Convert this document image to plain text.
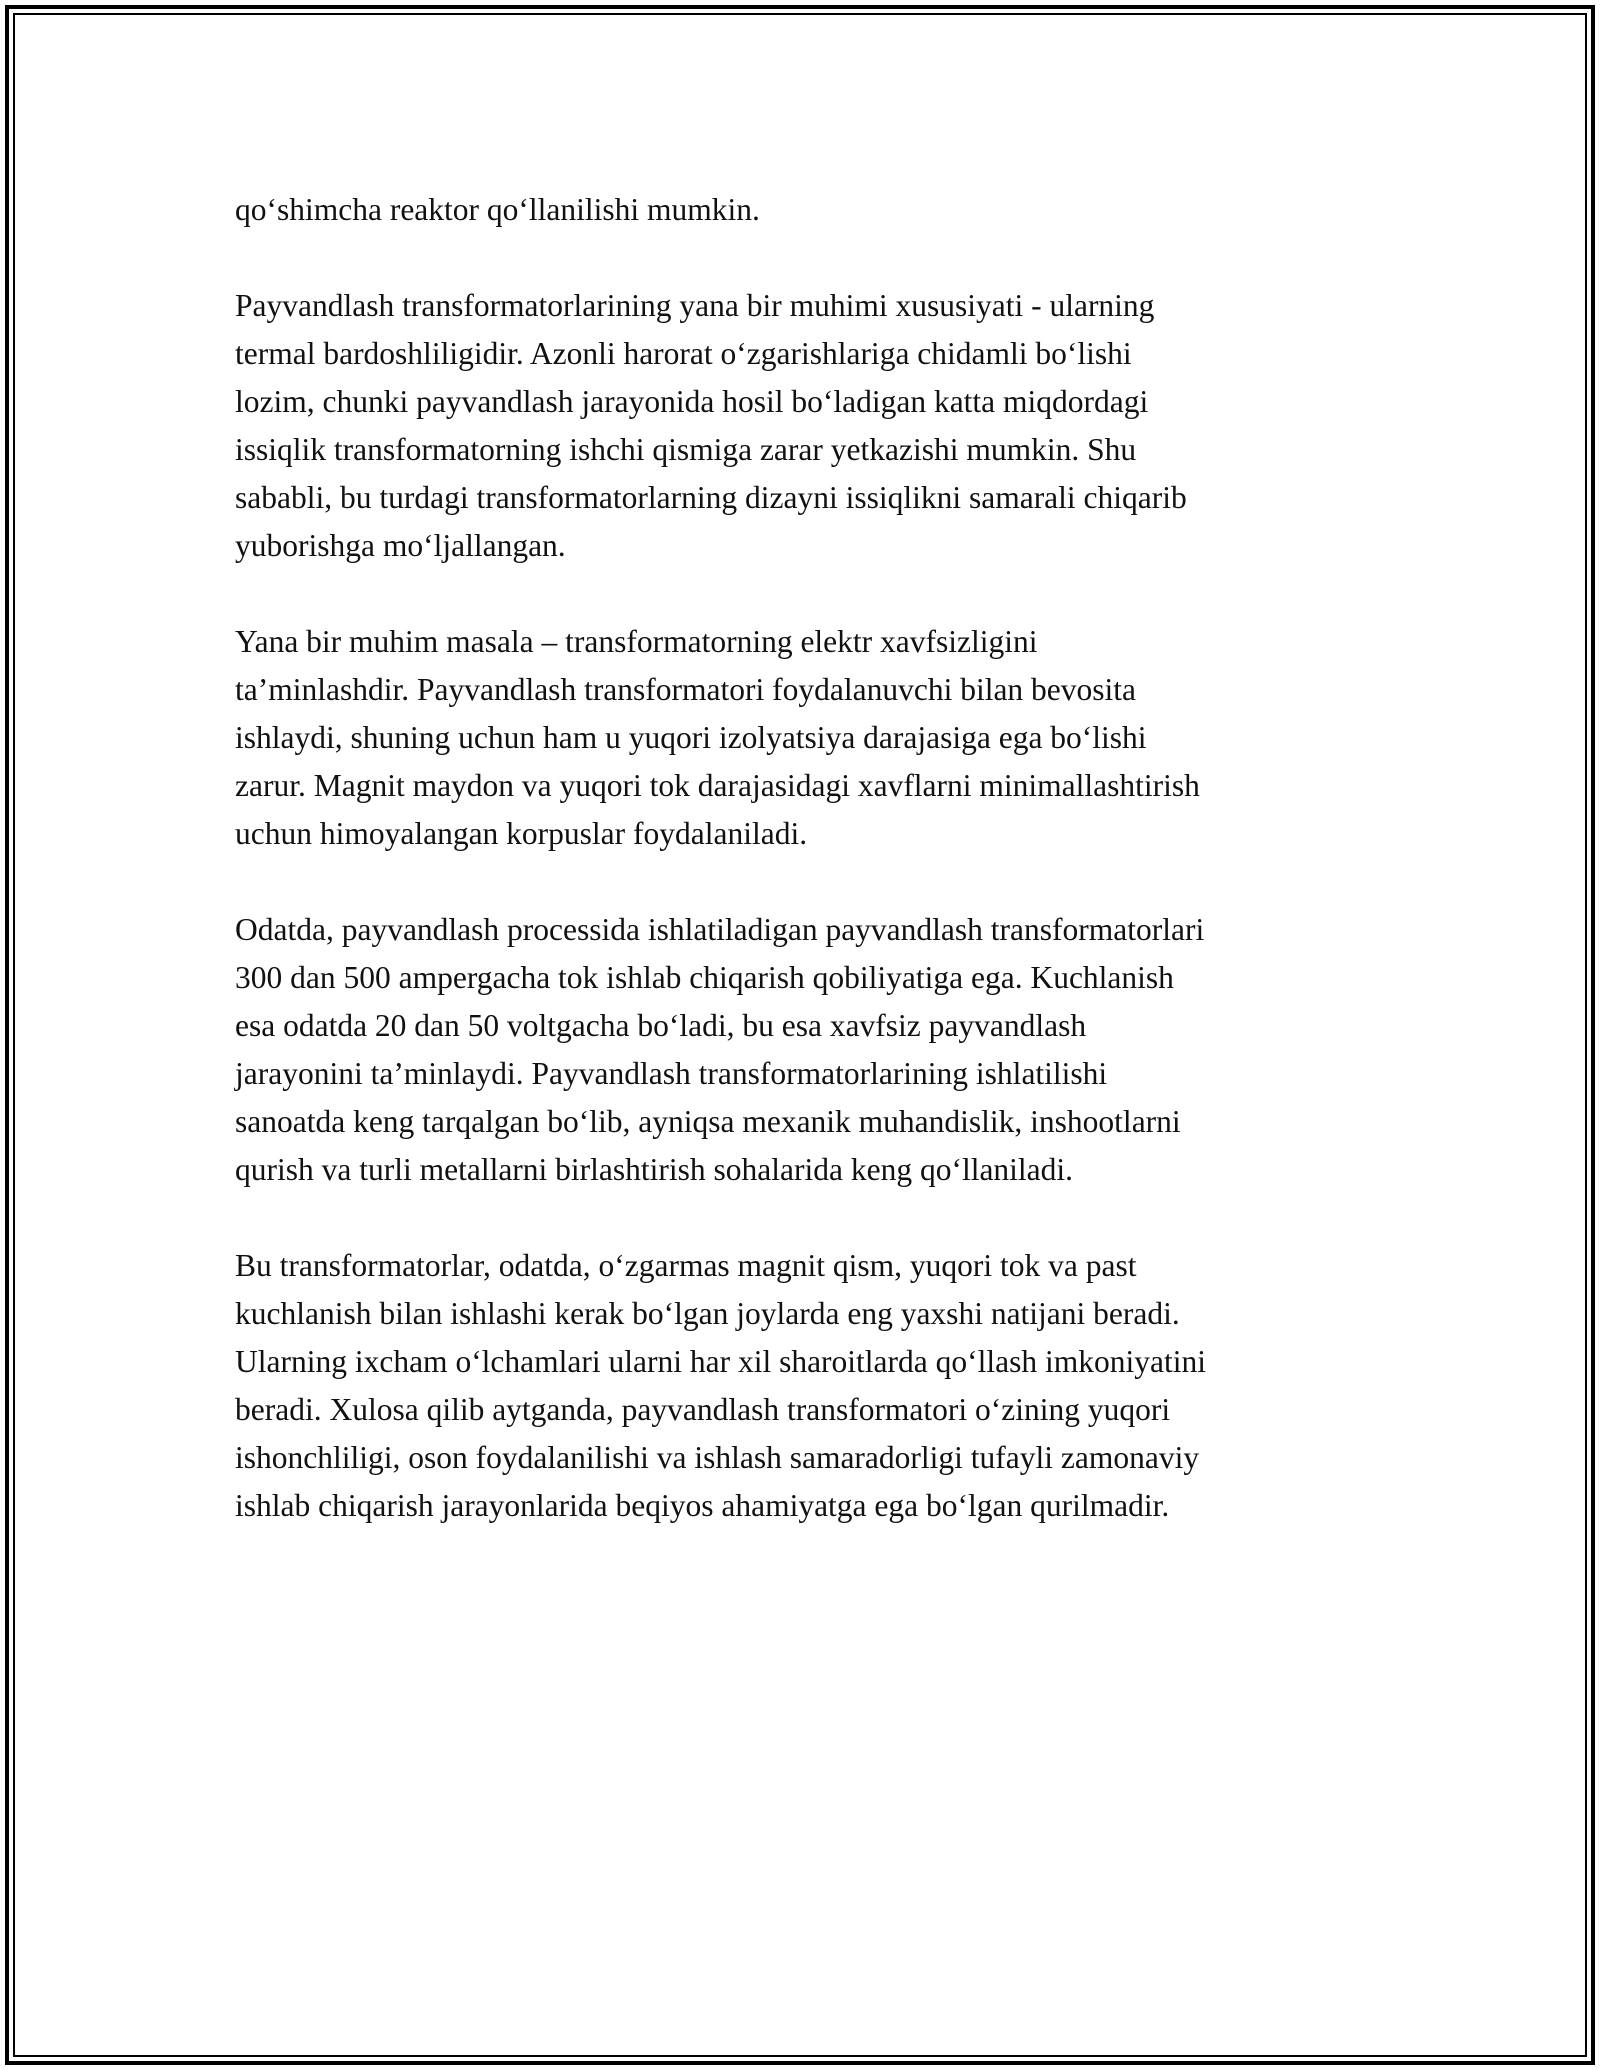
qo‘shimcha reaktor qo‘llanilishi mumkin.

Payvandlash transformatorlarining yana bir muhimi xususiyati - ularning
termal bardoshliligidir. Azonli harorat o‘zgarishlariga chidamli bo‘lishi
lozim, chunki payvandlash jarayonida hosil bo‘ladigan katta miqdordagi
issiqlik transformatorning ishchi qismiga zarar yetkazishi mumkin. Shu
sababli, bu turdagi transformatorlarning dizayni issiqlikni samarali chiqarib
yuborishga mo‘ljallangan.

Yana bir muhim masala – transformatorning elektr xavfsizligini
ta’minlashdir. Payvandlash transformatori foydalanuvchi bilan bevosita
ishlaydi, shuning uchun ham u yuqori izolyatsiya darajasiga ega bo‘lishi
zarur. Magnit maydon va yuqori tok darajasidagi xavflarni minimallashtirish
uchun himoyalangan korpuslar foydalaniladi.

Odatda, payvandlash processida ishlatiladigan payvandlash transformatorlari
300 dan 500 ampergacha tok ishlab chiqarish qobiliyatiga ega. Kuchlanish
esa odatda 20 dan 50 voltgacha bo‘ladi, bu esa xavfsiz payvandlash
jarayonini ta’minlaydi. Payvandlash transformatorlarining ishlatilishi
sanoatda keng tarqalgan bo‘lib, ayniqsa mexanik muhandislik, inshootlarni
qurish va turli metallarni birlashtirish sohalarida keng qo‘llaniladi.

Bu transformatorlar, odatda, o‘zgarmas magnit qism, yuqori tok va past
kuchlanish bilan ishlashi kerak bo‘lgan joylarda eng yaxshi natijani beradi.
Ularning ixcham o‘lchamlari ularni har xil sharoitlarda qo‘llash imkoniyatini
beradi. Xulosa qilib aytganda, payvandlash transformatori o‘zining yuqori
ishonchliligi, oson foydalanilishi va ishlash samaradorligi tufayli zamonaviy
ishlab chiqarish jarayonlarida beqiyos ahamiyatga ega bo‘lgan qurilmadir.
